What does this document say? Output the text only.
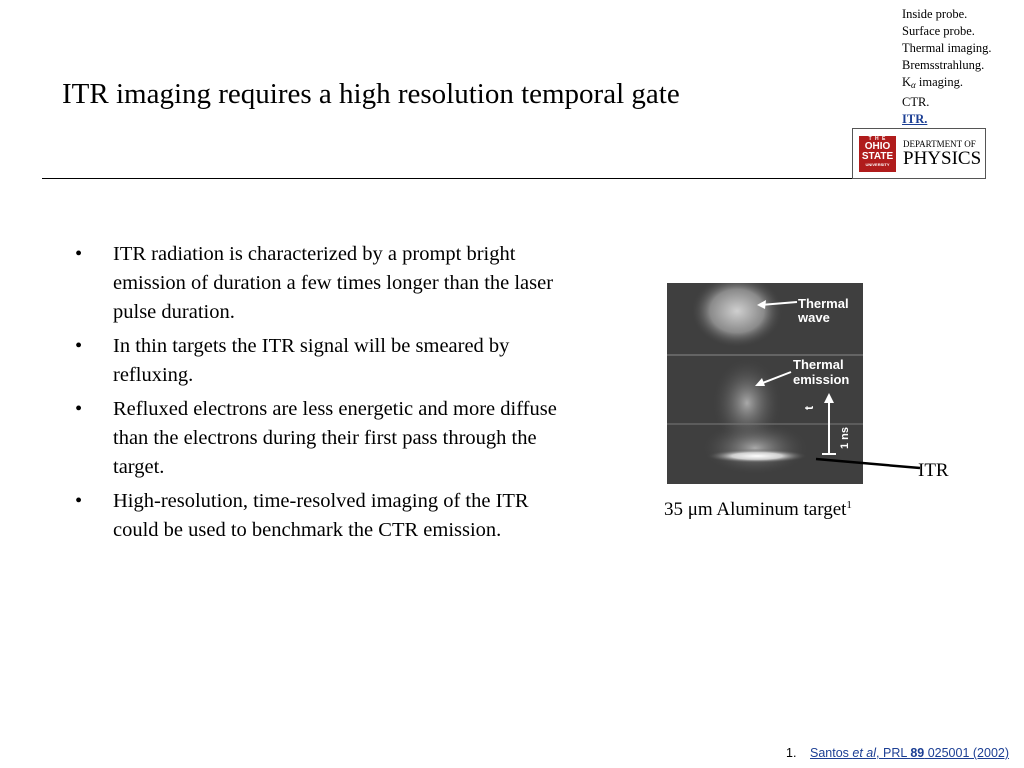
ITR imaging requires a high resolution temporal gate
Inside probe.
Surface probe.
Thermal imaging.
Bremsstrahlung.
$K_\alpha$ imaging.
CTR.
ITR.
T H E
OHIO
STATE
UNIVERSITY
DEPARTMENT OF
PHYSICS
• ITR radiation is characterized by a prompt bright emission of duration a few times longer than the laser pulse duration.
• In thin targets the ITR signal will be smeared by refluxing.
• Refluxed electrons are less energetic and more diffuse than the electrons during their first pass through the target.
• High-resolution, time-resolved imaging of the ITR could be used to benchmark the CTR emission.
Thermal
wave
Thermal
emission
t
1 ns
ITR
35 μm Aluminum target$^1$
1. Santos et al, PRL 89 025001 (2002)
